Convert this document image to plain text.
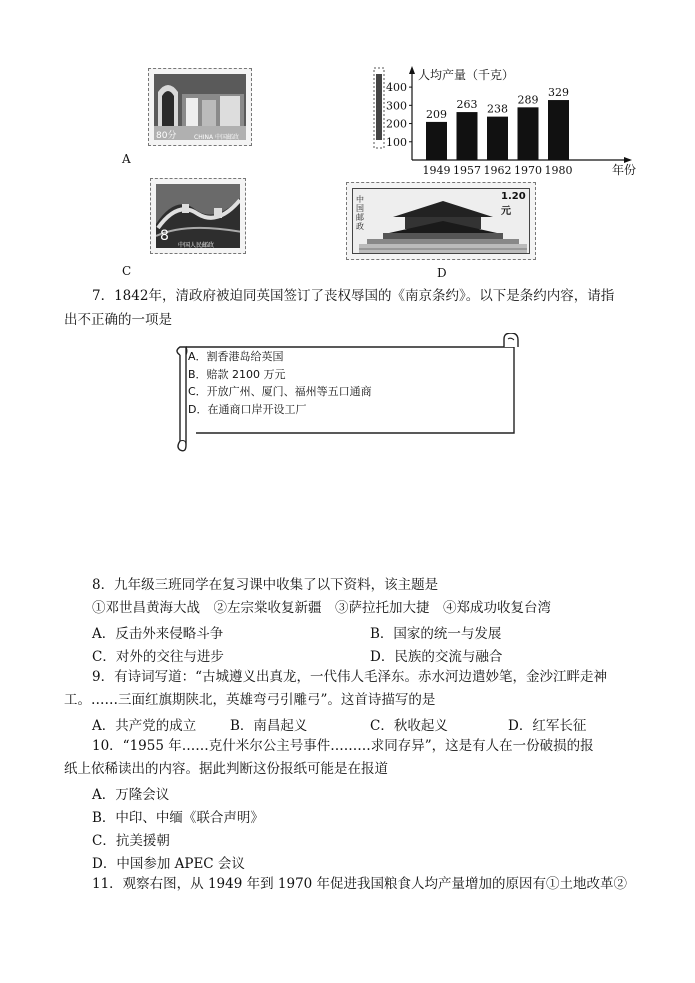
80分	CHINA 中国邮政
A
100
200
300
400
209
1949
263
1957
238
1962
289
1970
329
1980
人均产量（千克）
年份
8
中国人民邮政
C
中国邮政
1.20元
D
7．1842年，清政府被迫同英国签订了丧权辱国的《南京条约》。以下是条约内容，请指
出不正确的一项是
A．割香港岛给英国
B．赔款 2100 万元
C．开放广州、厦门、福州等五口通商
D．在通商口岸开设工厂
8．九年级三班同学在复习课中收集了以下资料，该主题是
①邓世昌黄海大战　②左宗棠收复新疆　③萨拉托加大捷　④郑成功收复台湾
A．反击外来侵略斗争	B．国家的统一与发展
C．对外的交往与进步	D．民族的交流与融合
9．有诗词写道：“古城遵义出真龙，一代伟人毛泽东。赤水河边遣妙笔，金沙江畔走神
工。……三面红旗期陕北，英雄弯弓引雕弓”。这首诗描写的是
A．共产党的成立	B．南昌起义	C．秋收起义	D．红军长征
10．“1955 年……克什米尔公主号事件………求同存异”，这是有人在一份破损的报
纸上依稀读出的内容。据此判断这份报纸可能是在报道
A．万隆会议
B．中印、中缅《联合声明》
C．抗美援朝
D．中国参加 APEC 会议
11．观察右图，从 1949 年到 1970 年促进我国粮食人均产量增加的原因有①土地改革②
